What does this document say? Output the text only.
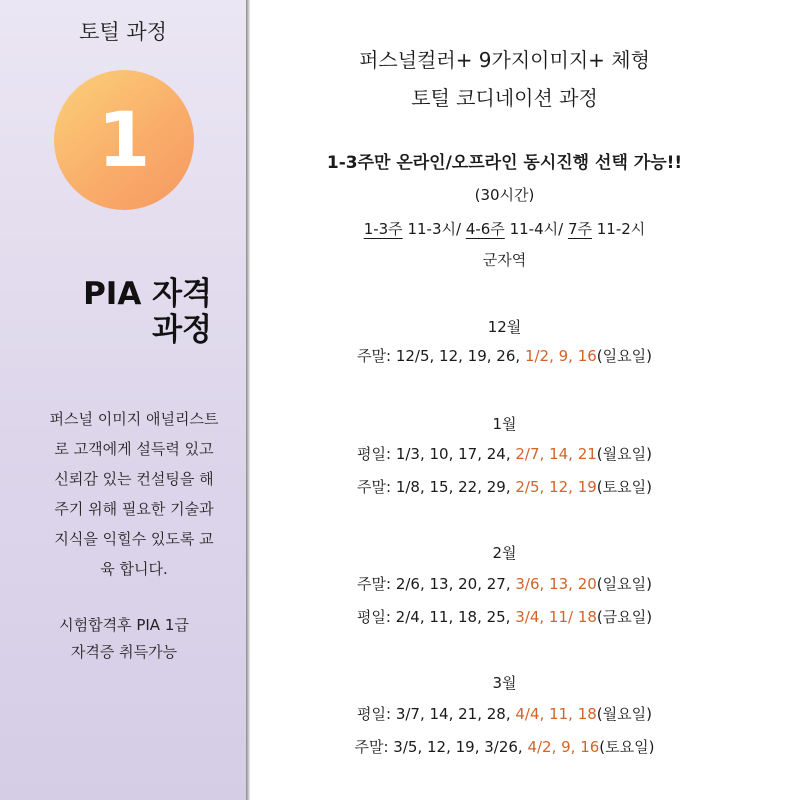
토털 과정
1
PIA 자격
과정
퍼스널 이미지 애널리스트
로 고객에게 설득력 있고
신뢰감 있는 컨설팅을 해
주기 위해 필요한 기술과
지식을 익힐수 있도록 교
육 합니다.
시험합격후 PIA 1급
자격증 취득가능
퍼스널컬러+ 9가지이미지+ 체형
토털 코디네이션 과정
1-3주만 온라인/오프라인 동시진행 선택 가능!!
(30시간)
1-3주 11-3시/ 4-6주 11-4시/ 7주 11-2시
군자역
12월
주말: 12/5, 12, 19, 26, 1/2, 9, 16(일요일)
1월
평일: 1/3, 10, 17, 24, 2/7, 14, 21(월요일)
주말: 1/8, 15, 22, 29, 2/5, 12, 19(토요일)
2월
주말: 2/6, 13, 20, 27, 3/6, 13, 20(일요일)
평일: 2/4, 11, 18, 25, 3/4, 11/ 18(금요일)
3월
평일: 3/7, 14, 21, 28, 4/4, 11, 18(월요일)
주말: 3/5, 12, 19, 3/26, 4/2, 9, 16(토요일)
